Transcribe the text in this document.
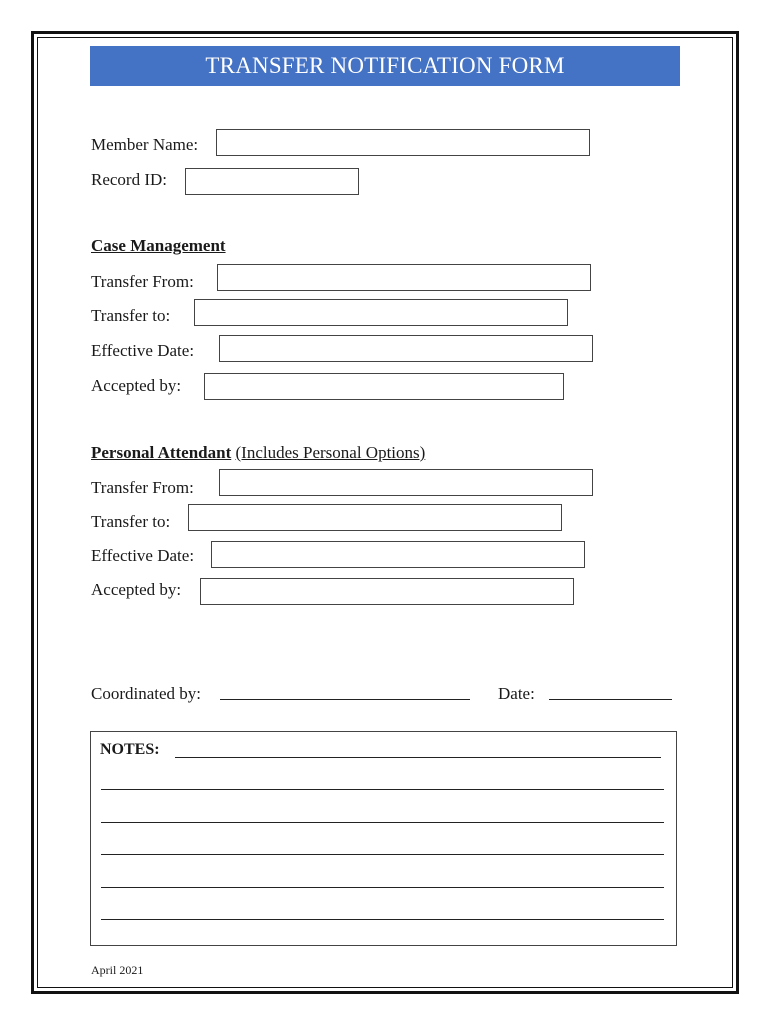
TRANSFER NOTIFICATION FORM
Member Name:
Record ID:
Case Management
Transfer From:
Transfer to:
Effective Date:
Accepted by:
Personal Attendant (Includes Personal Options)
Transfer From:
Transfer to:
Effective Date:
Accepted by:
Coordinated by:	Date:
NOTES:
April 2021
